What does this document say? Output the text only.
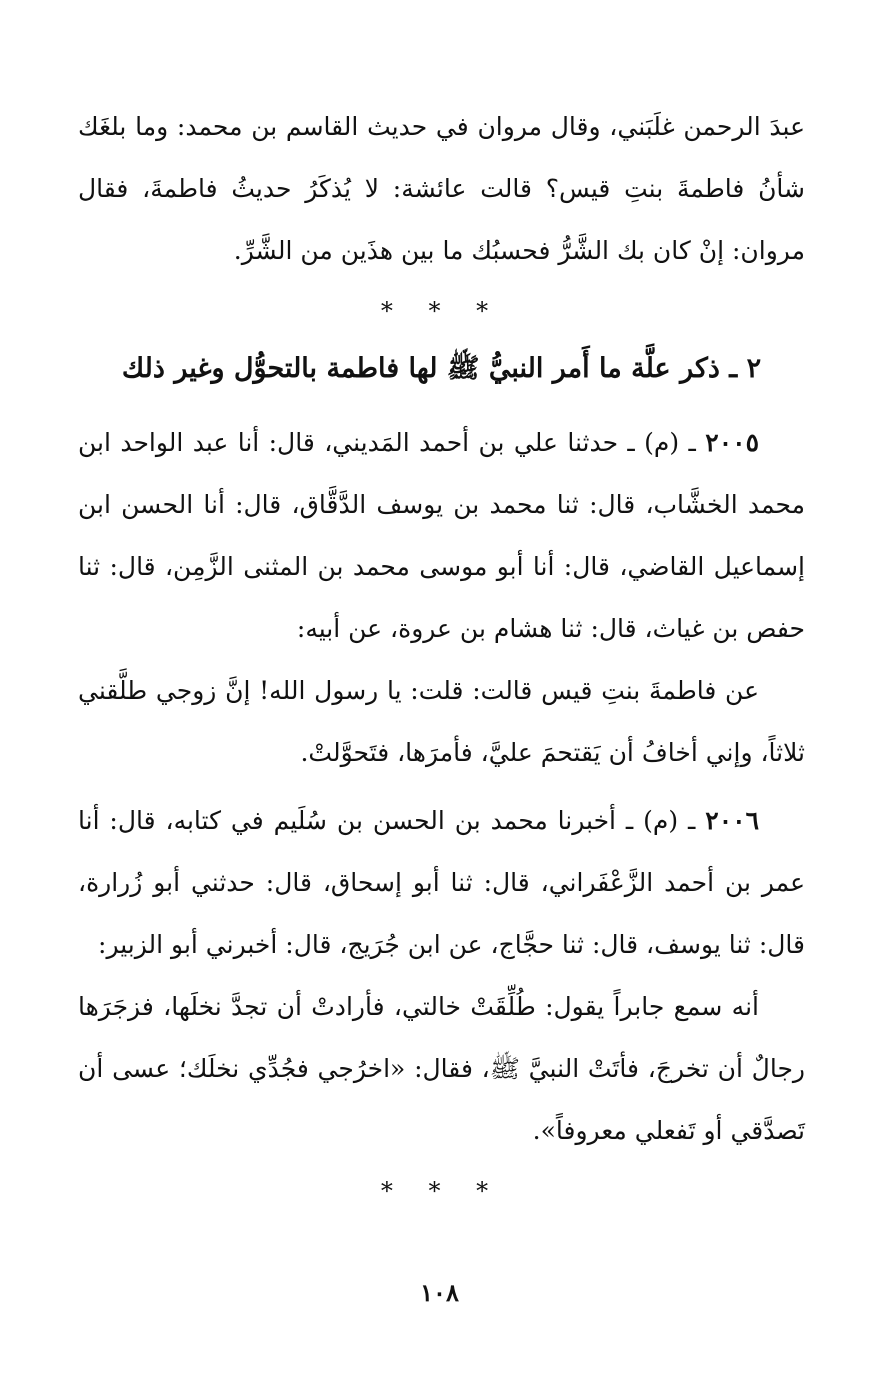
عبدَ الرحمن غلَبَني، وقال مروان في حديث القاسم بن محمد: وما بلغَك شأنُ فاطمةَ بنتِ قيس؟ قالت عائشة: لا يُذكَرُ حديثُ فاطمةَ، فقال مروان: إنْ كان بك الشَّرُّ فحسبُك ما بين هذَين من الشَّرِّ.

* * *
٢ ـ ذكر علَّة ما أَمر النبيُّ ﷺ لها فاطمة بالتحوُّل وغير ذلك

٢٠٠٥ ـ (م) ـ حدثنا علي بن أحمد المَديني، قال: أنا عبد الواحد ابن محمد الخشَّاب، قال: ثنا محمد بن يوسف الدَّقَّاق، قال: أنا الحسن ابن إسماعيل القاضي، قال: أنا أبو موسى محمد بن المثنى الزَّمِن، قال: ثنا حفص بن غياث، قال: ثنا هشام بن عروة، عن أبيه:

عن فاطمةَ بنتِ قيس قالت: قلت: يا رسول الله! إنَّ زوجي طلَّقني ثلاثاً، وإني أخافُ أن يَقتحمَ عليَّ، فأمرَها، فتَحوَّلتْ.

٢٠٠٦ ـ (م) ـ أخبرنا محمد بن الحسن بن سُلَيم في كتابه، قال: أنا عمر بن أحمد الزَّعْفَراني، قال: ثنا أبو إسحاق، قال: حدثني أبو زُرارة، قال: ثنا يوسف، قال: ثنا حجَّاج، عن ابن جُرَيج، قال: أخبرني أبو الزبير:

أنه سمع جابراً يقول: طُلِّقَتْ خالتي، فأرادتْ أن تجدَّ نخلَها، فزجَرَها رجالٌ أن تخرجَ، فأتَتْ النبيَّ ﷺ، فقال: «اخرُجي فجُدِّي نخلَك؛ عسى أن تَصدَّقي أو تَفعلي معروفاً».

* * *
١٠٨
